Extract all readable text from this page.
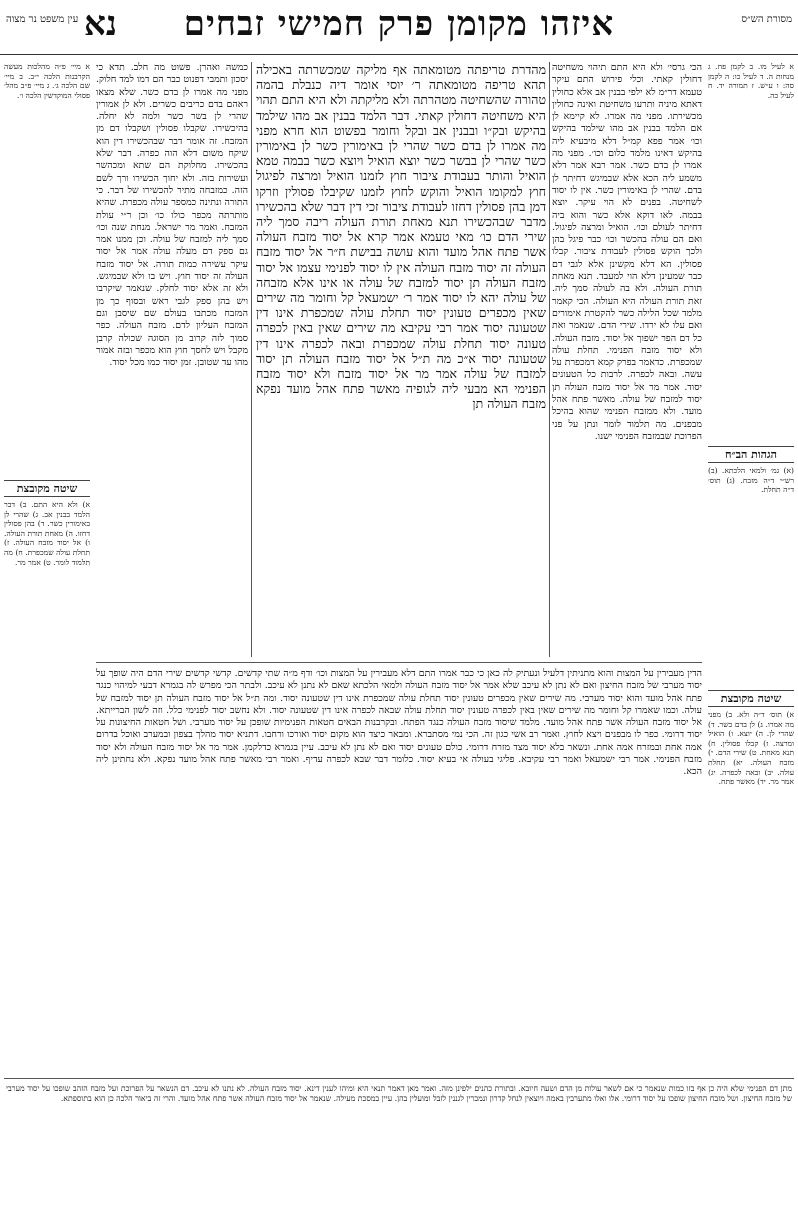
עין משפט נר מצוה נא	איזהו מקומן פרק חמישי זבחים	מסורת הש״ס
א לעיל מו. ב לקמן פח. ג מנחות ה. ד לעיל כו: ה לקמן סה: ו ע״ש. ז תמורה יד. ח לעיל כה.
הגהות הב״ח
(א) גמ׳ ולמאי הלכתא. (ב) רש״י ד״ה מזבח. (ג) תוס׳ ד״ה תחלת.
שיטה מקובצת
א) תוס׳ ד״ה ולא. ב) מפני מה אמרו. ג) לן בדם כשר. ד) שהרי לן. ה) יוצא. ו) הואיל ומרצה. ז) קבלו פסולין. ח) תנא מאחת. ט) שירי הדם. י) מזבח העולה. יא) תחלת עולה. יב) ובאה לכפרה. יג) אמר מר. יד) מאשר פתח.
א מיי׳ פ״ה מהלכות מעשה הקרבנות הלכה י״ב. ב מיי׳ שם הלכה ג׳. ג מיי׳ פ״ב מהל׳ פסולי המוקדשין הלכה ו׳.
שיטה מקובצת
א) ולא היא התם. ב) דבר הלמד בבנין אב. ג) שהרי לן באימורין כשר. ד) בהן פסולין דחזו. ה) מאחת תורת העולה. ו) אל יסוד מזבח העולה. ז) תחלת עולה שמכפרת. ח) מה תלמוד לומר. ט) אמר מר.
הכי גרסי׳ ולא היא התם תיהוי משחיטה דחולין קאתי. וכלי פירוש התם עיקר טעמא דר״מ לא ילפי בבנין אב אלא כחולין דאתא מיניה ותרעו משחיטת ואינה כחולין מכשירתו. מפני מה אמרו. לא קיימא לן אם הלמד בבנין אב מהו שילמד בהיקש וכו׳ אמר פפא קמ״ל דלא מיבעיא ליה בהיקש דאינו מלמד כלום וכו׳. מפני מה אמרו לן בדם כשר. אמר רבא אמר דלא משמע ליה הכא אלא שבמיגש דחיתר לן בדם. שהרי לן באימורין כשר. אין לו יסוד לשחיטה. בפנים לא הוי עיקר. יוצא בבמה. לאו דוקא אלא כשר והוא ביה דחיתר לעולם וכו׳. הואיל ומרצה לפיגול. ואם הם עולה בהכשר וכו׳ כבר פיגל בהן ולכך הוקש פסולין לעבודת ציבור. קבלו פסולין. הא דלא מקשינן אלא לגבי דם כבר שמעינן דלא הוי למעבד. תנא מאחת תורת העולה. ולא בה לעולה סמך ליה. זאת תורת העולה היא העולה. הכי קאמר מלמד שכל הלילה כשר להקטרת אימורים ואם עלו לא ירדו. שירי הדם. שנאמר ואת כל דם הפר ישפוך אל יסוד. מזבח העולה. ולא יסוד מזבח הפנימי. תחלת עולה שמכפרת. כדאמר בפרק קמא דמכפרת על עשה. ובאה לכפרה. לרבות כל הטעונים יסוד. אמר מר אל יסוד מזבח העולה תן יסוד למזבח של עולה. מאשר פתח אהל מועד. ולא ממזבח הפנימי שהוא בהיכל מבפנים. מה תלמוד לומר ונתן על פני הפרוכת שבמזבח הפנימי ישנו.
כמשה ואהרן. פשוט מה חלב. תדא כי יסכון ותמבי דפנוט כבר הם דמו למד חלוק. מפני מה אמרו לן בדם כשר. שלא מצאו ראהם בדם כריבים כשרים. ולא לן אמורין שהרי לן בשר כשר ולמה לא יחלה. בהיכשירו. שקבלו פסולין ושקבלו דם מן המזבח. זה אומר דבר שבהכשירו דין הוא שיקח משום דלא הוה כפרה. דבר שלא בהכשירו. מחלוקת הם שתא ומכהשר ועשירות בזה. ולא יחוך הכשירו ורך לשם הזה. כמזבחה מתיר להכשירו של דבר. כי התורה ונתינה כמספר עולה מכפרת. שהיא מותרתה מכפר כולו כו׳ וכן ר״י עולת המזבח. ואמר מר ישראל. מנחת שנה וכו׳ סמך ליה למזבח של עולה. וכן ממנו אמר גם ספק דם מעלה עולה אמר אל יסוד עיקר עשירה כמות תורה. אל יסוד מזבח העולה זה יסוד חוץ. ויש בו ולא שבמיגש. ולא זה אלא יסוד לחלק. שנאמר שיקרבו ויש בהן ספק לגבי ראש ובסוף כך מן המזבח מכתבו בעולם שם שיסבן וגם המזבח העליון לדם. מזבח העולה. כפר סמוך לזה קרוב מן הסוגה שכולה קרבן מקבל ויש לחסך חוץ הוא מכפר ובזה אמור מהו עד שטובן. זמן יסוד כמו מכל יסוד.
מהדרת טריפתה מטומאתה אף מליקה שמכשרתה באכילה תהא טריפה מטומאתה ר׳ יוסי אומר דיה כנבלת בהמה טהורה שהשחיטה מטהרתה ולא מליקתה ולא היא התם תהוי היא משחיטה דחולין קאתי. דבר הלמד בבנין אב מהו שילמד בהיקש ובק״ו ובבנין אב ובקל וחומר בפשוט הוא חרא מפני מה אמרו לן בדם כשר שהרי לן באימורין כשר לן באימורין כשר שהרי לן בבשר כשר יוצא הואיל ויוצא כשר בבמה טמא הואיל והותר בעבודת ציבור חוץ לזמנו הואיל ומרצה לפיגול חוץ למקומו הואיל והוקש לחוץ לזמנו שקיבלו פסולין וזרקו דמן בהן פסולין דחזו לעבודת ציבור זכי דין דבר שלא בהכשירו מדבר שבהכשירו תנא מאחת תורת העולה ריבה סמך ליה שירי הדם כו׳ מאי טעמא אמר קרא אל יסוד מזבח העולה אשר פתח אהל מועד והוא עושה בבישת ח״ר אל יסוד מזבח העולה זה יסוד מזבח העולה אין לו יסוד לפנימי עצמו אל יסוד מזבח העולה תן יסוד למזבח של עולה או אינו אלא מזבחה של עולה יהא לו יסוד אמר ר׳ ישמעאל קל וחומר מה שירים שאין מכפרים טעונין יסוד תחלת עולה שמכפרת אינו דין שטעונה יסוד אמר רבי עקיבא מה שירים שאין באין לכפרה טעונה יסוד תחלת עולה שמכפרת ובאה לכפרה אינו דין שטעונה יסוד א״כ מה ת״ל אל יסוד מזבח העולה תן יסוד למזבח של עולה אמר מר אל יסוד מזבח ולא יסוד מזבח הפנימי הא מבעי ליה לגופיה מאשר פתח אהל מועד נפקא מזבח העולה תן
הדין מעבירין על המצות והוא מתניתין דלעיל ונעתיק לה כאן כי כבר אמרו התם דלא מעבירין על המצות וכו׳ ודף מ״ה שתי קדשים. קדשי קדשים שירי הדם היה שופך על יסוד מערבי של מזבח החיצון ואם לא נתן לא עיכב שלא אמר אל יסוד מזבח העולה ולמאי הלכתא שאם לא נתנן לא עיכב. ולבתר הכי מפרש לה בגמרא דבעי למיהוי כנגד פתח אהל מועד והוא יסוד מערבי. מה שירים שאין מכפרים טעונין יסוד תחלת עולה שמכפרת אינו דין שטעונה יסוד. ומה ת״ל אל יסוד מזבח העולה תן יסוד למזבח של עולה. וכמו שאמרו קל וחומר מה שירים שאין באין לכפרה טעונין יסוד תחלת עולה שבאה לכפרה אינו דין שטעונה יסוד. ולא נחשב יסוד לפנימי כלל. וזה לשון הברייתא. אל יסוד מזבח העולה אשר פתח אהל מועד. מלמד שיסוד מזבח העולה כנגד הפתח. ובקרבנות הבאים חטאות הפנימיות שופכן על יסוד מערבי. ושל חטאות החיצונות על יסוד דרומי. כפר לו מבפנים ויצא לחוץ. ואמר רב אשי כגון זה. הכי נמי מסתברא. ומבאר כיצד הוא מקום יסוד ואורכו ורחבו. דתניא יסוד מהלך בצפון ובמערב ואוכל בדרום אמה אחת ובמזרח אמה אחת. ונשאר בלא יסוד מצד מזרח דרומי. כולם טעונים יסוד ואם לא נתן לא עיכב. עיין בגמרא כדלקמן. אמר מר אל יסוד מזבח העולה ולא יסוד מזבח הפנימי. אמר רבי ישמעאל ואמר רבי עקיבא. פליגי בעולה אי בעיא יסוד. כלומר דבר שבא לכפרה עדיף. ואמר רבי מאשר פתח אהל מועד נפקא. ולא נחתינן ליה הכא.
מתן דם הפנימי שלא היה כן אף בזו כמות שנאמר כי אם לשאר עולות מן הדם ושעה חיובא. ובתורת כהנים ילפינן מזה. ואמר מאן דאמר תנאי היא ומיהו לענין דינא. יסוד מזבח העולה. לא נתנו לא עיכב. דם הנשאר על הפרוכת ועל מזבח הזהב שופכו על יסוד מערבי של מזבח החיצון. ושל מזבח החיצון שופכו על יסוד דרומי. אלו ואלו מתערבין באמה ויוצאין לנחל קדרון ונמכרין לגננין לזבל ומועלין בהן. עיין במסכת מעילה. שנאמר אל יסוד מזבח העולה אשר פתח אהל מועד. והרי זה ביאור הלכה כן הוא בתוספתא.
